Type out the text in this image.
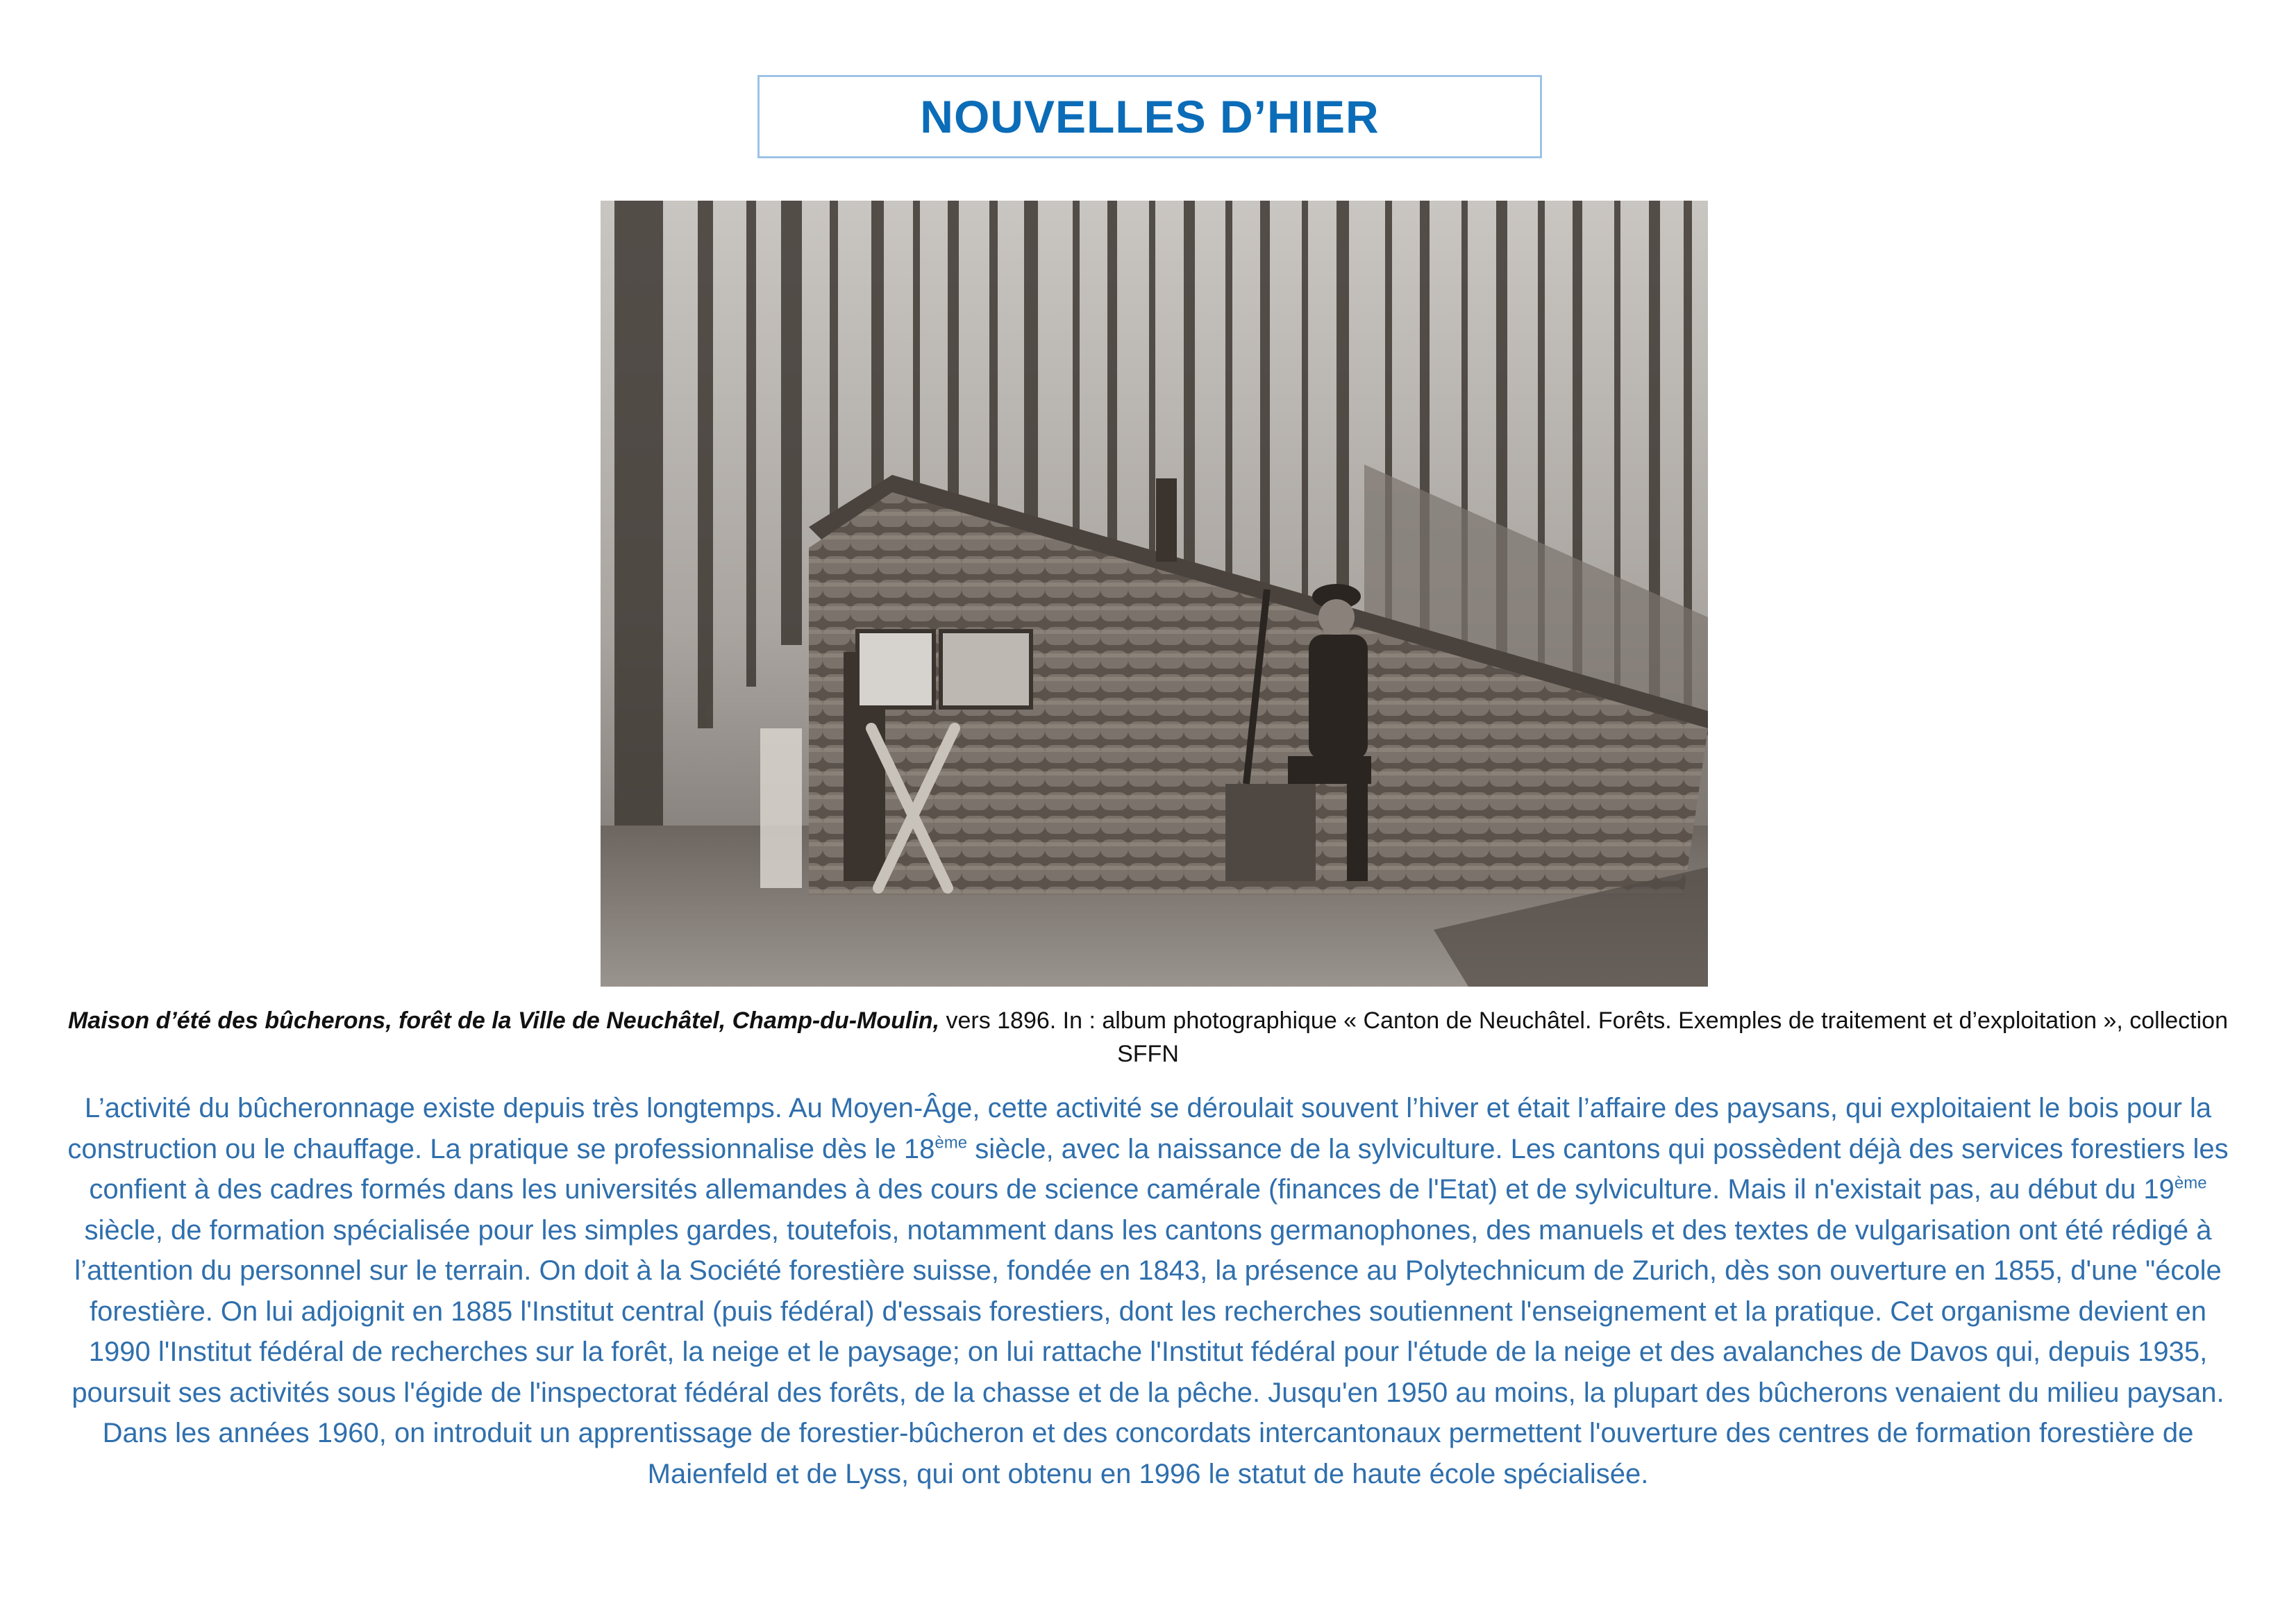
NOUVELLES D’HIER
Maison d’été des bûcherons, forêt de la Ville de Neuchâtel, Champ-du-Moulin, vers 1896. In : album photographique « Canton de Neuchâtel. Forêts. Exemples de traitement et d’exploitation », collection SFFN
L’activité du bûcheronnage existe depuis très longtemps. Au Moyen-Âge, cette activité se déroulait souvent l’hiver et était l’affaire des paysans, qui exploitaient le bois pour la construction ou le chauffage. La pratique se professionnalise dès le 18ème siècle, avec la naissance de la sylviculture. Les cantons qui possèdent déjà des services forestiers les confient à des cadres formés dans les universités allemandes à des cours de science camérale (finances de l'Etat) et de sylviculture. Mais il n'existait pas, au début du 19ème siècle, de formation spécialisée pour les simples gardes, toutefois, notamment dans les cantons germanophones, des manuels et des textes de vulgarisation ont été rédigé à l’attention du personnel sur le terrain. On doit à la Société forestière suisse, fondée en 1843, la présence au Polytechnicum de Zurich, dès son ouverture en 1855, d'une "école forestière. On lui adjoignit en 1885 l'Institut central (puis fédéral) d'essais forestiers, dont les recherches soutiennent l'enseignement et la pratique. Cet organisme devient en 1990 l'Institut fédéral de recherches sur la forêt, la neige et le paysage; on lui rattache l'Institut fédéral pour l'étude de la neige et des avalanches de Davos qui, depuis 1935, poursuit ses activités sous l'égide de l'inspectorat fédéral des forêts, de la chasse et de la pêche. Jusqu'en 1950 au moins, la plupart des bûcherons venaient du milieu paysan. Dans les années 1960, on introduit un apprentissage de forestier-bûcheron et des concordats intercantonaux permettent l'ouverture des centres de formation forestière de Maienfeld et de Lyss, qui ont obtenu en 1996 le statut de haute école spécialisée.
